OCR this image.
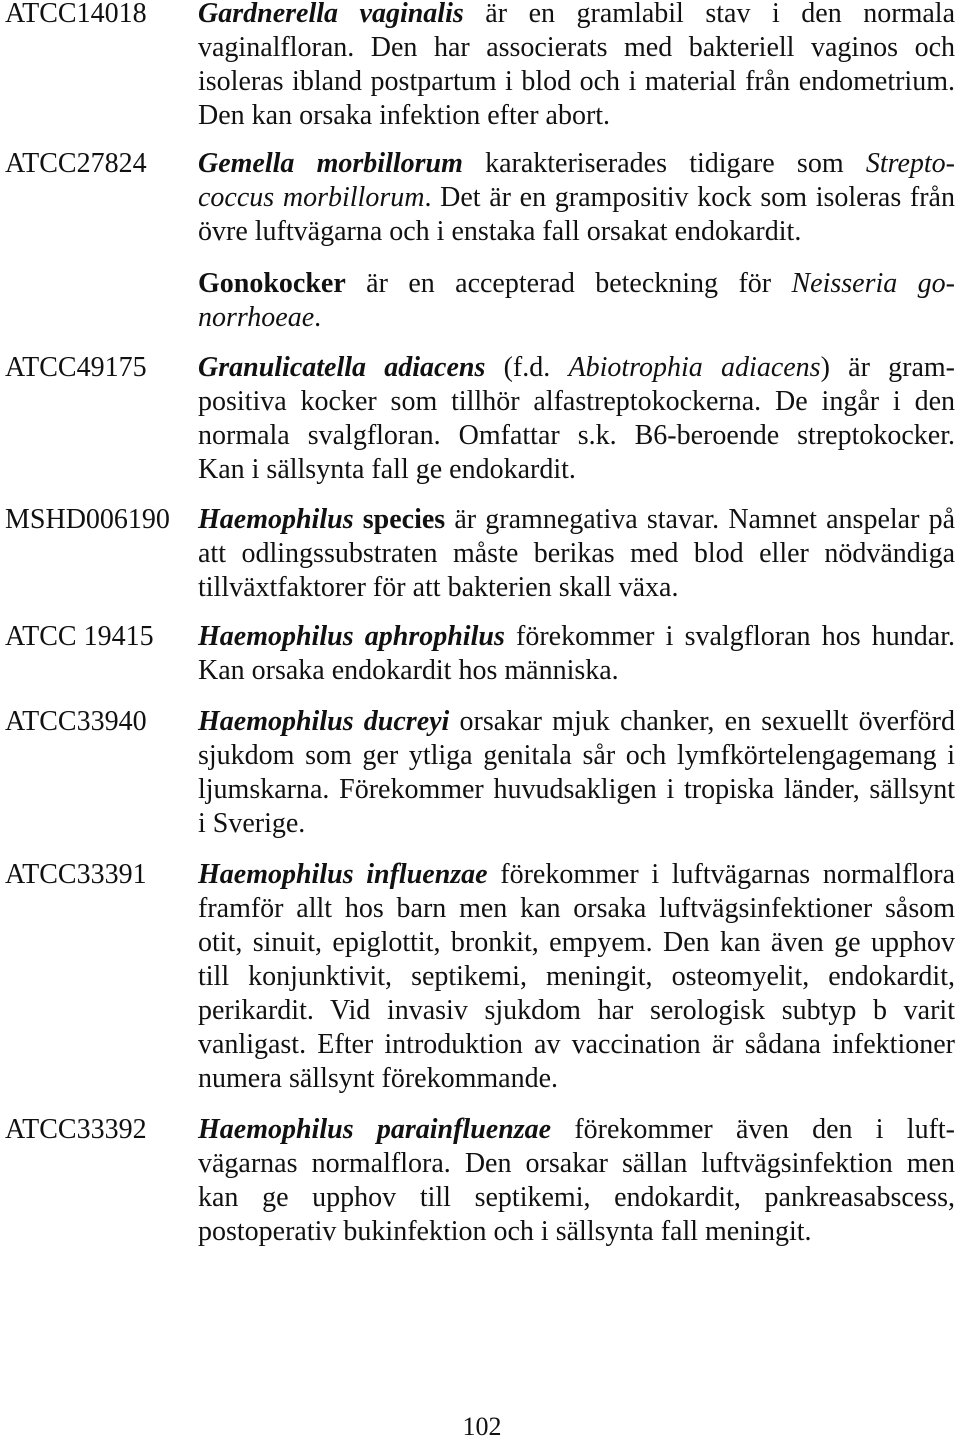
ATCC14018 Gardnerella vaginalis är en gramlabil stav i den normala
vaginalfloran. Den har associerats med bakteriell vaginos och
isoleras ibland postpartum i blod och i material från endometrium.
Den kan orsaka infektion efter abort.
ATCC27824 Gemella morbillorum karakteriserades tidigare som Strepto-
coccus morbillorum. Det är en grampositiv kock som isoleras från
övre luftvägarna och i enstaka fall orsakat endokardit.
Gonokocker är en accepterad beteckning för Neisseria go-
norrhoeae.
ATCC49175 Granulicatella adiacens (f.d. Abiotrophia adiacens) är gram-
positiva kocker som tillhör alfastreptokockerna. De ingår i den
normala svalgfloran. Omfattar s.k. B6-beroende streptokocker.
Kan i sällsynta fall ge endokardit.
MSHD006190 Haemophilus species är gramnegativa stavar. Namnet anspelar på
att odlingssubstraten måste berikas med blod eller nödvändiga
tillväxtfaktorer för att bakterien skall växa.
ATCC 19415 Haemophilus aphrophilus förekommer i svalgfloran hos hundar.
Kan orsaka endokardit hos människa.
ATCC33940 Haemophilus ducreyi orsakar mjuk chanker, en sexuellt överförd
sjukdom som ger ytliga genitala sår och lymfkörtelengagemang i
ljumskarna. Förekommer huvudsakligen i tropiska länder, sällsynt
i Sverige.
ATCC33391 Haemophilus influenzae förekommer i luftvägarnas normalflora
framför allt hos barn men kan orsaka luftvägsinfektioner såsom
otit, sinuit, epiglottit, bronkit, empyem. Den kan även ge upphov
till konjunktivit, septikemi, meningit, osteomyelit, endokardit,
perikardit. Vid invasiv sjukdom har serologisk subtyp b varit
vanligast. Efter introduktion av vaccination är sådana infektioner
numera sällsynt förekommande.
ATCC33392 Haemophilus parainfluenzae förekommer även den i luft-
vägarnas normalflora. Den orsakar sällan luftvägsinfektion men
kan ge upphov till septikemi, endokardit, pankreasabscess,
postoperativ bukinfektion och i sällsynta fall meningit.
102
